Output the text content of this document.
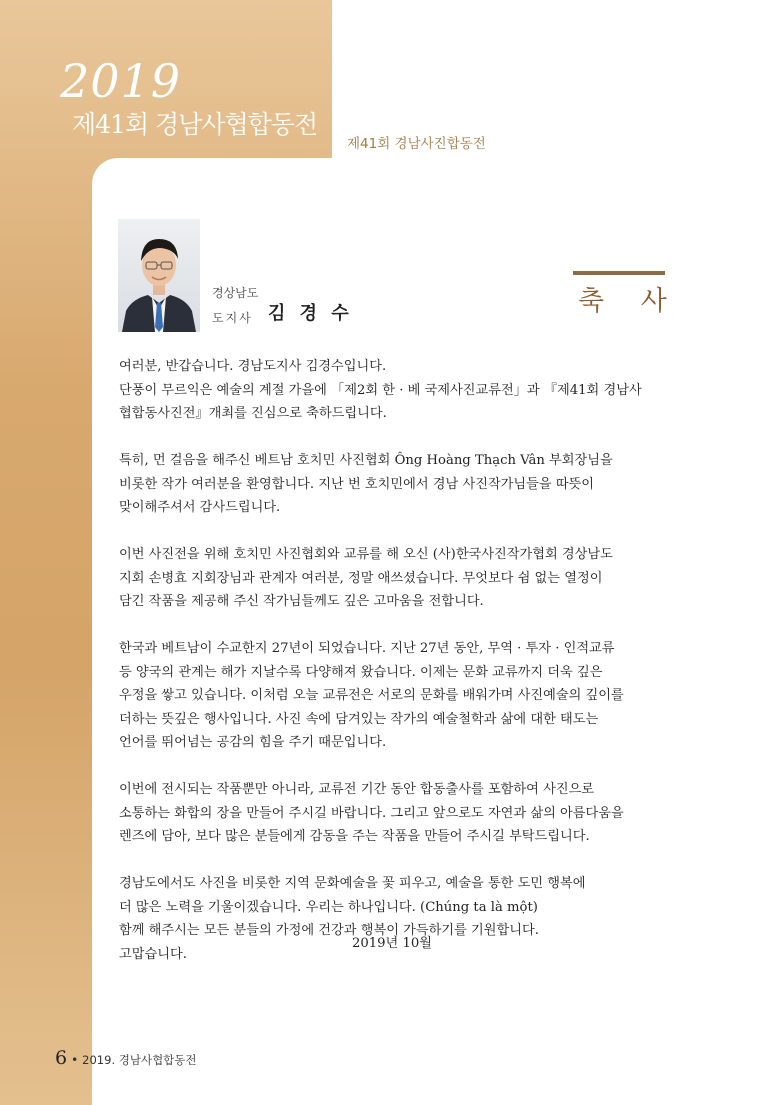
2019
제41회 경남사협합동전
제41회 경남사진합동전
경상남도
도지사 김 경 수	축 사
여러분, 반갑습니다. 경남도지사 김경수입니다.
단풍이 무르익은 예술의 계절 가을에 「제2회 한 · 베 국제사진교류전」과 『제41회 경남사
협합동사진전』개최를 진심으로 축하드립니다.
특히, 먼 걸음을 해주신 베트남 호치민 사진협회 Ông Hoàng Thạch Vân 부회장님을
비롯한 작가 여러분을 환영합니다. 지난 번 호치민에서 경남 사진작가님들을 따뜻이
맞이해주셔서 감사드립니다.
이번 사진전을 위해 호치민 사진협회와 교류를 해 오신 (사)한국사진작가협회 경상남도
지회 손병효 지회장님과 관계자 여러분, 정말 애쓰셨습니다. 무엇보다 쉼 없는 열정이
담긴 작품을 제공해 주신 작가님들께도 깊은 고마움을 전합니다.
한국과 베트남이 수교한지 27년이 되었습니다. 지난 27년 동안, 무역 · 투자 · 인적교류
등 양국의 관계는 해가 지날수록 다양해져 왔습니다. 이제는 문화 교류까지 더욱 깊은
우정을 쌓고 있습니다. 이처럼 오늘 교류전은 서로의 문화를 배워가며 사진예술의 깊이를
더하는 뜻깊은 행사입니다. 사진 속에 담겨있는 작가의 예술철학과 삶에 대한 태도는
언어를 뛰어넘는 공감의 힘을 주기 때문입니다.
이번에 전시되는 작품뿐만 아니라, 교류전 기간 동안 합동출사를 포함하여 사진으로
소통하는 화합의 장을 만들어 주시길 바랍니다. 그리고 앞으로도 자연과 삶의 아름다움을
렌즈에 담아, 보다 많은 분들에게 감동을 주는 작품을 만들어 주시길 부탁드립니다.
경남도에서도 사진을 비롯한 지역 문화예술을 꽃 피우고, 예술을 통한 도민 행복에
더 많은 노력을 기울이겠습니다. 우리는 하나입니다. (Chúng ta là một)
함께 해주시는 모든 분들의 가정에 건강과 행복이 가득하기를 기원합니다.
고맙습니다.
2019년 10월
6 • 2019. 경남사협합동전
